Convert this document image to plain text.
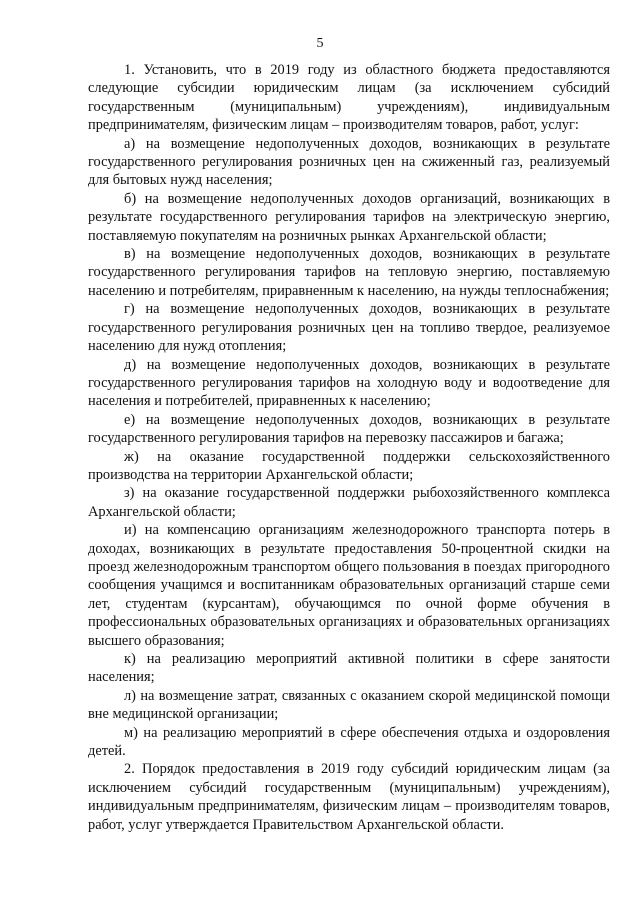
5

1. Установить, что в 2019 году из областного бюджета предоставляются следующие субсидии юридическим лицам (за исключением субсидий государственным (муниципальным) учреждениям), индивидуальным предпринимателям, физическим лицам – производителям товаров, работ, услуг:

а) на возмещение недополученных доходов, возникающих в результате государственного регулирования розничных цен на сжиженный газ, реализуемый для бытовых нужд населения;

б) на возмещение недополученных доходов организаций, возникающих в результате государственного регулирования тарифов на электрическую энергию, поставляемую покупателям на розничных рынках Архангельской области;

в) на возмещение недополученных доходов, возникающих в результате государственного регулирования тарифов на тепловую энергию, поставляемую населению и потребителям, приравненным к населению, на нужды теплоснабжения;

г) на возмещение недополученных доходов, возникающих в результате государственного регулирования розничных цен на топливо твердое, реализуемое населению для нужд отопления;

д) на возмещение недополученных доходов, возникающих в результате государственного регулирования тарифов на холодную воду и водоотведение для населения и потребителей, приравненных к населению;

е) на возмещение недополученных доходов, возникающих в результате государственного регулирования тарифов на перевозку пассажиров и багажа;

ж) на оказание государственной поддержки сельскохозяйственного производства на территории Архангельской области;

з) на оказание государственной поддержки рыбохозяйственного комплекса Архангельской области;

и) на компенсацию организациям железнодорожного транспорта потерь в доходах, возникающих в результате предоставления 50-процентной скидки на проезд железнодорожным транспортом общего пользования в поездах пригородного сообщения учащимся и воспитанникам образовательных организаций старше семи лет, студентам (курсантам), обучающимся по очной форме обучения в профессиональных образовательных организациях и образовательных организациях высшего образования;

к) на реализацию мероприятий активной политики в сфере занятости населения;

л) на возмещение затрат, связанных с оказанием скорой медицинской помощи вне медицинской организации;

м) на реализацию мероприятий в сфере обеспечения отдыха и оздоровления детей.

2. Порядок предоставления в 2019 году субсидий юридическим лицам (за исключением субсидий государственным (муниципальным) учреждениям), индивидуальным предпринимателям, физическим лицам – производителям товаров, работ, услуг утверждается Правительством Архангельской области.
